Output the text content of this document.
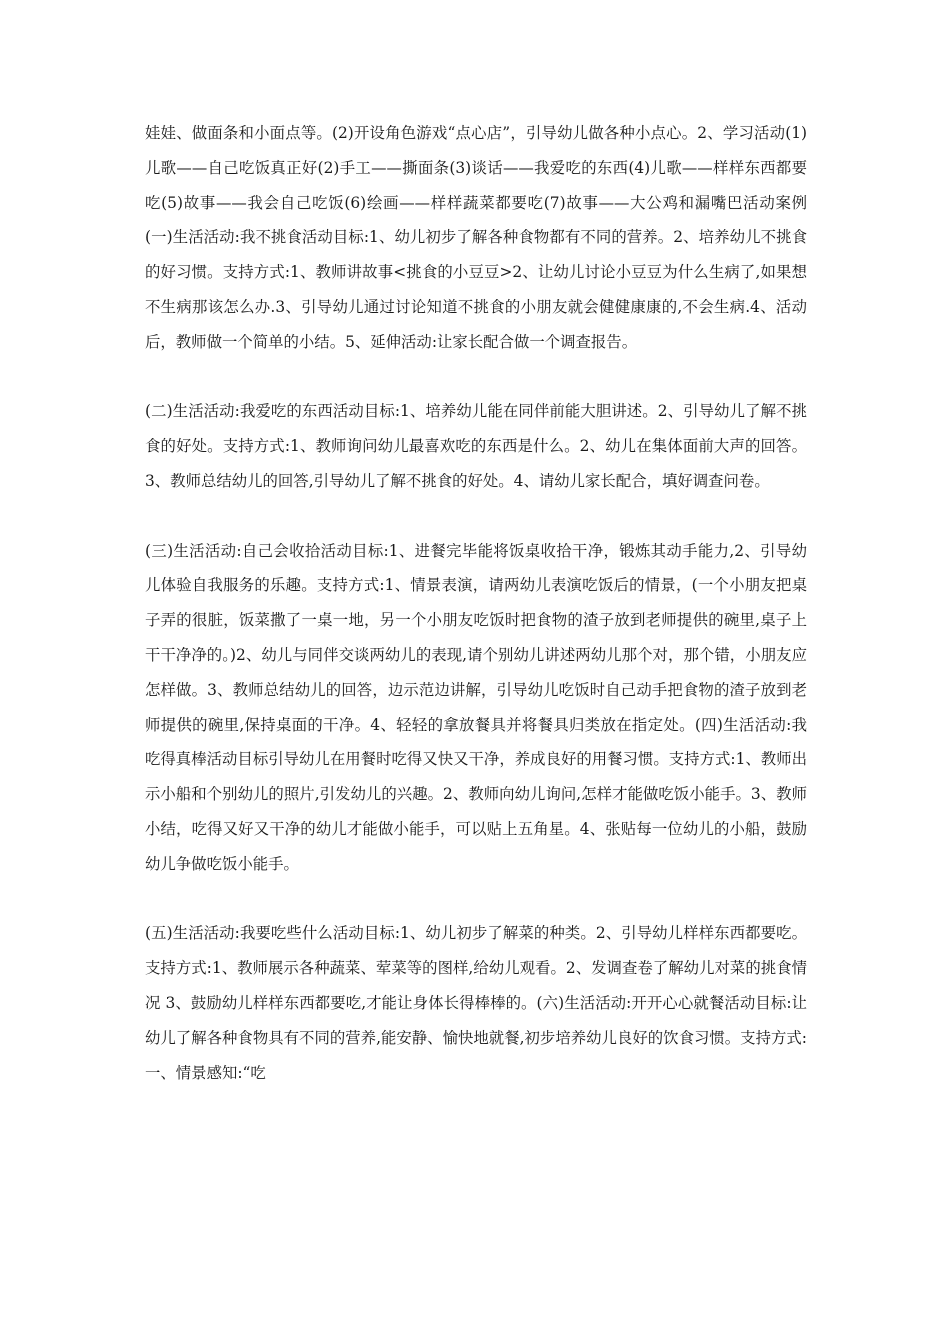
娃娃、做面条和小面点等。(2)开设角色游戏“点心店”，引导幼儿做各种小点心。2、学习活动(1)儿歌——自己吃饭真正好(2)手工——撕面条(3)谈话——我爱吃的东西(4)儿歌——样样东西都要吃(5)故事——我会自己吃饭(6)绘画——样样蔬菜都要吃(7)故事——大公鸡和漏嘴巴活动案例(一)生活活动:我不挑食活动目标:1、幼儿初步了解各种食物都有不同的营养。2、培养幼儿不挑食的好习惯。支持方式:1、教师讲故事<挑食的小豆豆>2、让幼儿讨论小豆豆为什么生病了,如果想不生病那该怎么办.3、引导幼儿通过讨论知道不挑食的小朋友就会健健康康的,不会生病.4、活动后，教师做一个简单的小结。5、延伸活动:让家长配合做一个调查报告。

(二)生活活动:我爱吃的东西活动目标:1、培养幼儿能在同伴前能大胆讲述。2、引导幼儿了解不挑食的好处。支持方式:1、教师询问幼儿最喜欢吃的东西是什么。2、幼儿在集体面前大声的回答。3、教师总结幼儿的回答,引导幼儿了解不挑食的好处。4、请幼儿家长配合，填好调查问卷。

(三)生活活动:自己会收拾活动目标:1、进餐完毕能将饭桌收拾干净，锻炼其动手能力,2、引导幼儿体验自我服务的乐趣。支持方式:1、情景表演，请两幼儿表演吃饭后的情景，(一个小朋友把桌子弄的很脏，饭菜撒了一桌一地，另一个小朋友吃饭时把食物的渣子放到老师提供的碗里,桌子上干干净净的。)2、幼儿与同伴交谈两幼儿的表现,请个别幼儿讲述两幼儿那个对，那个错，小朋友应怎样做。3、教师总结幼儿的回答，边示范边讲解，引导幼儿吃饭时自己动手把食物的渣子放到老师提供的碗里,保持桌面的干净。4、轻轻的拿放餐具并将餐具归类放在指定处。(四)生活活动:我吃得真棒活动目标引导幼儿在用餐时吃得又快又干净，养成良好的用餐习惯。支持方式:1、教师出示小船和个别幼儿的照片,引发幼儿的兴趣。2、教师向幼儿询问,怎样才能做吃饭小能手。3、教师小结，吃得又好又干净的幼儿才能做小能手，可以贴上五角星。4、张贴每一位幼儿的小船，鼓励幼儿争做吃饭小能手。

(五)生活活动:我要吃些什么活动目标:1、幼儿初步了解菜的种类。2、引导幼儿样样东西都要吃。支持方式:1、教师展示各种蔬菜、荤菜等的图样,给幼儿观看。2、发调查卷了解幼儿对菜的挑食情况 3、鼓励幼儿样样东西都要吃,才能让身体长得棒棒的。(六)生活活动:开开心心就餐活动目标:让幼儿了解各种食物具有不同的营养,能安静、愉快地就餐,初步培养幼儿良好的饮食习惯。支持方式:一、情景感知:“吃
